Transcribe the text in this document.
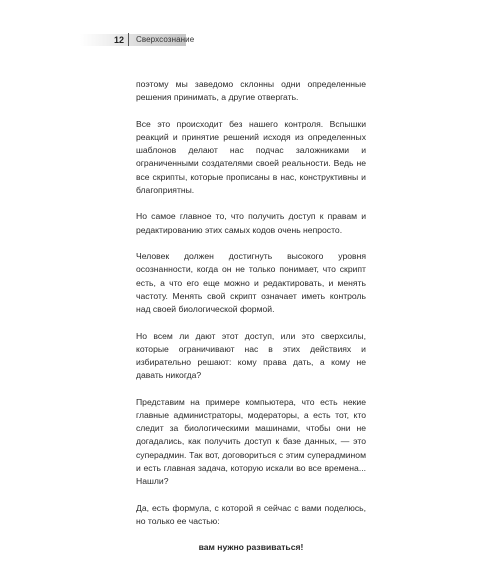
12 Сверхсознание

поэтому мы заведомо склонны одни определенные решения принимать, а другие отвергать.

Все это происходит без нашего контроля. Вспышки реакций и принятие решений исходя из определенных шаблонов делают нас подчас заложниками и ограниченными создателями своей реальности. Ведь не все скрипты, которые прописаны в нас, конструктивны и благоприятны.

Но самое главное то, что получить доступ к правам и редактированию этих самых кодов очень непросто.

Человек должен достигнуть высокого уровня осознанности, когда он не только понимает, что скрипт есть, а что его еще можно и редактировать, и менять частоту. Менять свой скрипт означает иметь контроль над своей биологической формой.

Но всем ли дают этот доступ, или это сверхсилы, которые ограничивают нас в этих действиях и избирательно решают: кому права дать, а кому не давать никогда?

Представим на примере компьютера, что есть некие главные администраторы, модераторы, а есть тот, кто следит за биологическими машинами, чтобы они не догадались, как получить доступ к базе данных, — это суперадмин. Так вот, договориться с этим суперадмином и есть главная задача, которую искали во все времена... Нашли?

Да, есть формула, с которой я сейчас с вами поделюсь, но только ее частью:

вам нужно развиваться!
